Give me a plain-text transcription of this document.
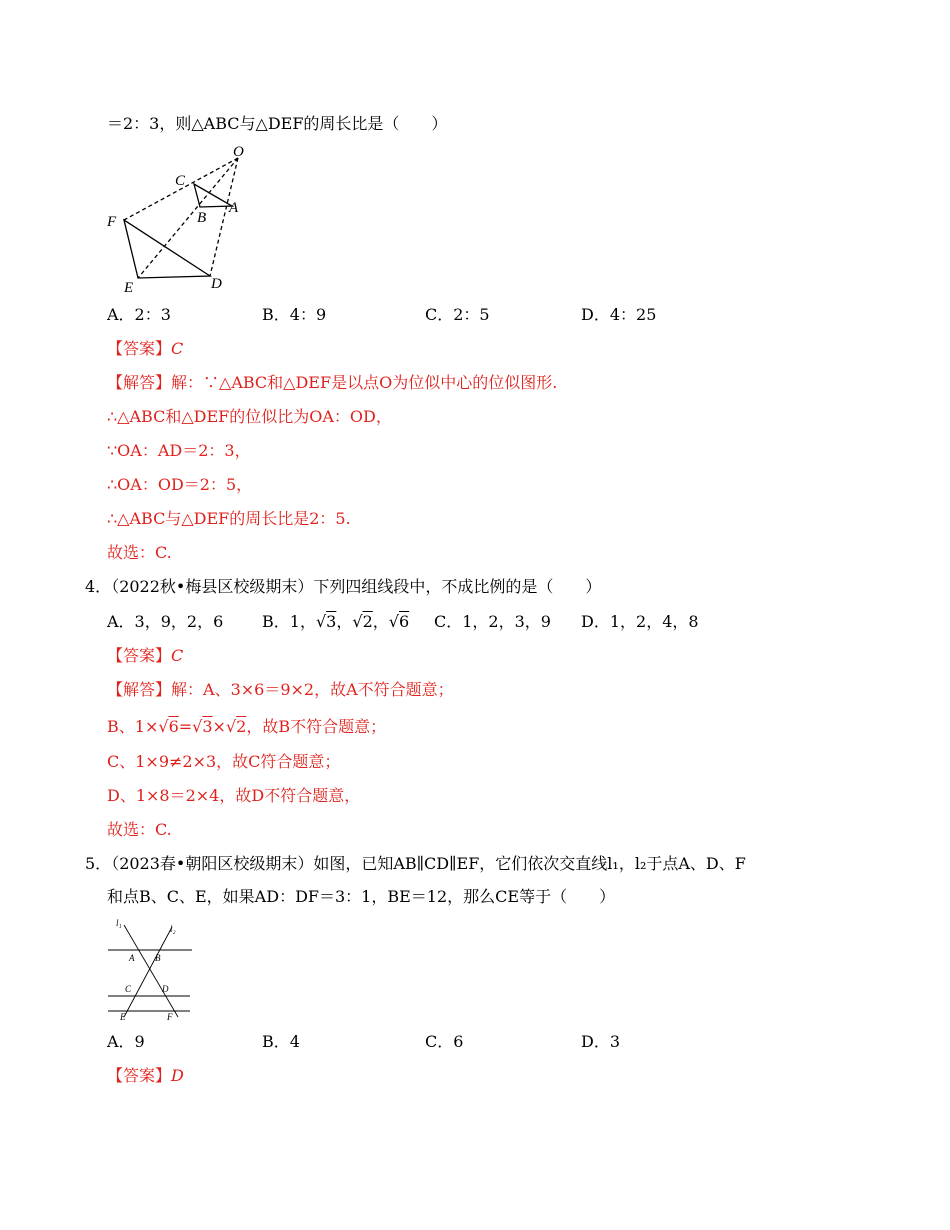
＝2：3，则△ABC与△DEF的周长比是（　　）
O
C
A
B
F
E	D
A．2：3	B．4：9	C．2：5	D．4：25
【答案】C
【解答】解：∵△ABC和△DEF是以点O为位似中心的位似图形.
∴△ABC和△DEF的位似比为OA：OD，
∵OA：AD＝2：3，
∴OA：OD＝2：5，
∴△ABC与△DEF的周长比是2：5.
故选：C.
4．（2022秋•梅县区校级期末）下列四组线段中，不成比例的是（　　）
A．3，9，2，6 B．1，√3，√2，√6 C．1，2，3，9 D．1，2，4，8
【答案】C
【解答】解：A、3×6＝9×2，故A不符合题意；
B、1×√6=√3×√2，故B不符合题意；
C、1×9≠2×3，故C符合题意；
D、1×8＝2×4，故D不符合题意，
故选：C.
5．（2023春•朝阳区校级期末）如图，已知AB∥CD∥EF，它们依次交直线l₁，l₂于点A、D、F
和点B、C、E，如果AD：DF＝3：1，BE＝12，那么CE等于（　　）
l₁
l₂
A B
C	D
E	F
A．9	B．4	C．6	D．3
【答案】D
